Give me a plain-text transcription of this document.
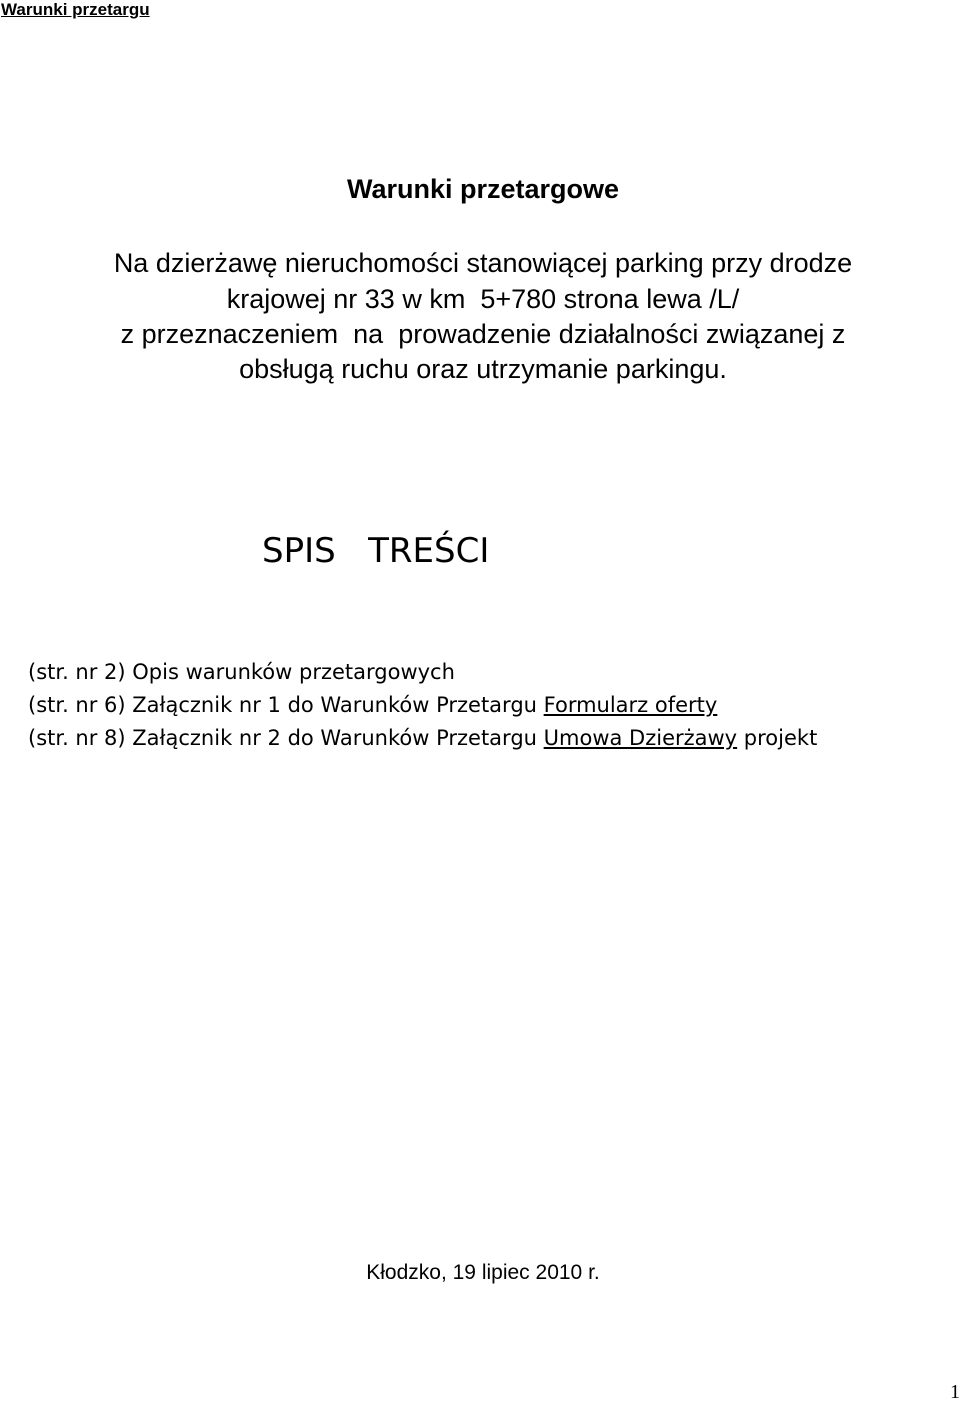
Warunki przetargu
Warunki przetargowe
Na dzierżawę nieruchomości stanowiącej parking przy drodze
krajowej nr 33 w km  5+780 strona lewa /L/
z przeznaczeniem  na  prowadzenie działalności związanej z
obsługą ruchu oraz utrzymanie parkingu.
SPIS   TREŚCI
(str. nr 2) Opis warunków przetargowych
(str. nr 6) Załącznik nr 1 do Warunków Przetargu Formularz oferty
(str. nr 8) Załącznik nr 2 do Warunków Przetargu Umowa Dzierżawy projekt
Kłodzko, 19 lipiec 2010 r.
1
